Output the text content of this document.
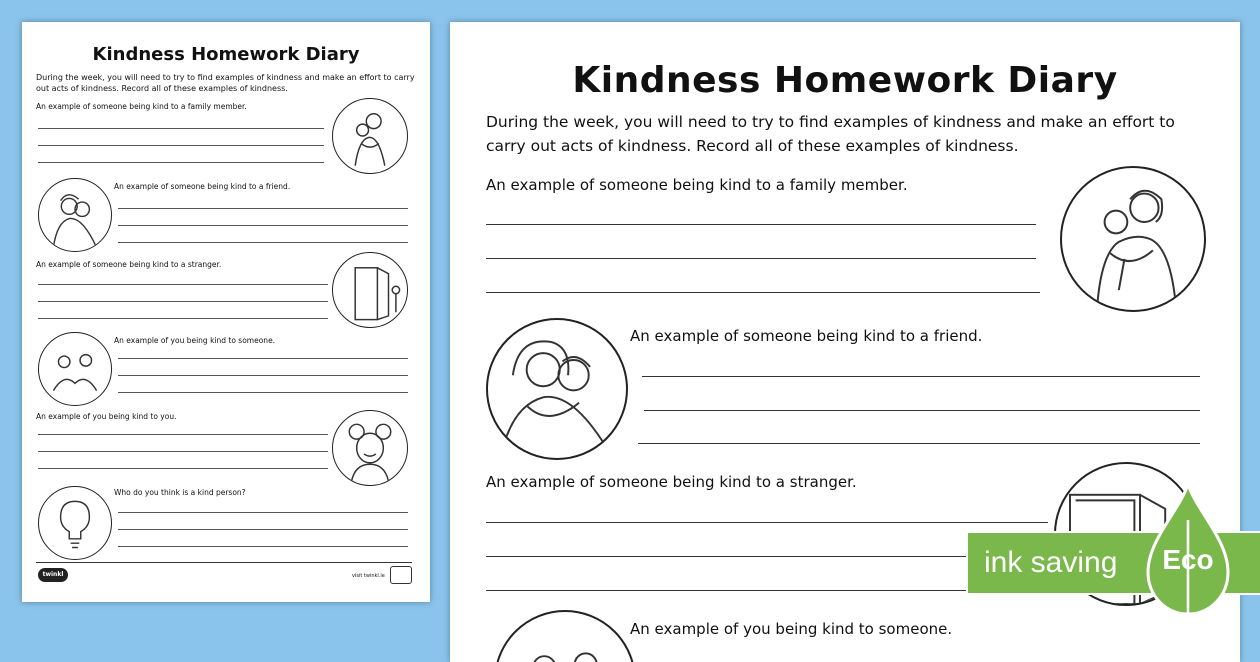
Kindness Homework Diary
During the week, you will need to try to find examples of kindness and make an effort to carry out acts of kindness. Record all of these examples of kindness.
An example of someone being kind to a family member.
An example of someone being kind to a friend.
An example of someone being kind to a stranger.
An example of you being kind to someone.
An example of you being kind to you.
Who do you think is a kind person?
twinkl	visit twinkl.ie
Kindness Homework Diary
During the week, you will need to try to find examples of kindness and make an effort to carry out acts of kindness. Record all of these examples of kindness.
An example of someone being kind to a family member.
An example of someone being kind to a friend.
An example of someone being kind to a stranger.
An example of you being kind to someone.
ink saving Eco
